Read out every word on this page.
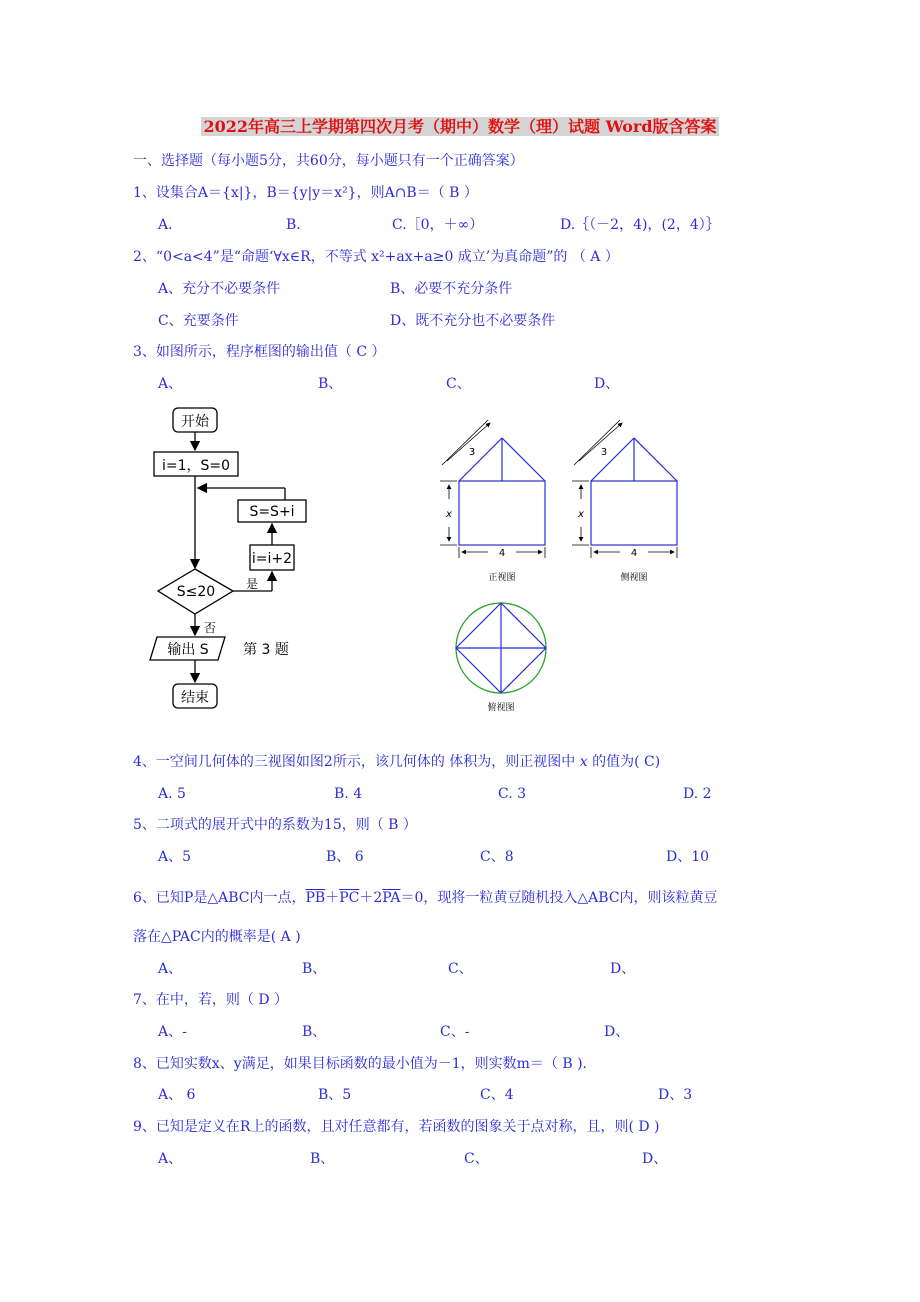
2022年高三上学期第四次月考（期中）数学（理）试题 Word版含答案
一、选择题（每小题5分，共60分，每小题只有一个正确答案）
1、设集合A＝{x|}，B＝{y|y＝x²}，则A∩B＝（ B ）
A.	B.	C.［0，＋∞）	D.｛（－2，4)，(2，4）｝
2、“0<a<4”是“命题‘∀x∈R，不等式 x²+ax+a≥0 成立’为真命题”的 （ A ）
A、充分不必要条件	B、必要不充分条件
C、充要条件	D、既不充分也不必要条件
3、如图所示，程序框图的输出值（ C ）
A、	B、	C、	D、
开始
i=1，S=0
S=S+i
i=i+2
S≤20	是
否
输出 S
结束
第 3 题
3
x
4
正视图
3
x
4
侧视图
俯视图
4、一空间几何体的三视图如图2所示，该几何体的 体积为，则正视图中 x 的值为( C)
A. 5	B. 4	C. 3	D. 2
5、二项式的展开式中的系数为15，则（ B ）
A、5	B、 6	C、8	D、10
6、已知P是△ABC内一点，$\overline{PB}+\overline{PC}+2\overline{PA}=0$，现将一粒黄豆随机投入△ABC内，则该粒黄豆
落在△PAC内的概率是( A )
A、	B、	C、	D、
7、在中，若，则（ D ）
A、-	B、	C、-	D、
8、已知实数x、y满足，如果目标函数的最小值为－1，则实数m＝（ B ).
A、 6	B、5	C、4	D、3
9、已知是定义在R上的函数，且对任意都有，若函数的图象关于点对称，且，则( D )
A、	B、	C、	D、
